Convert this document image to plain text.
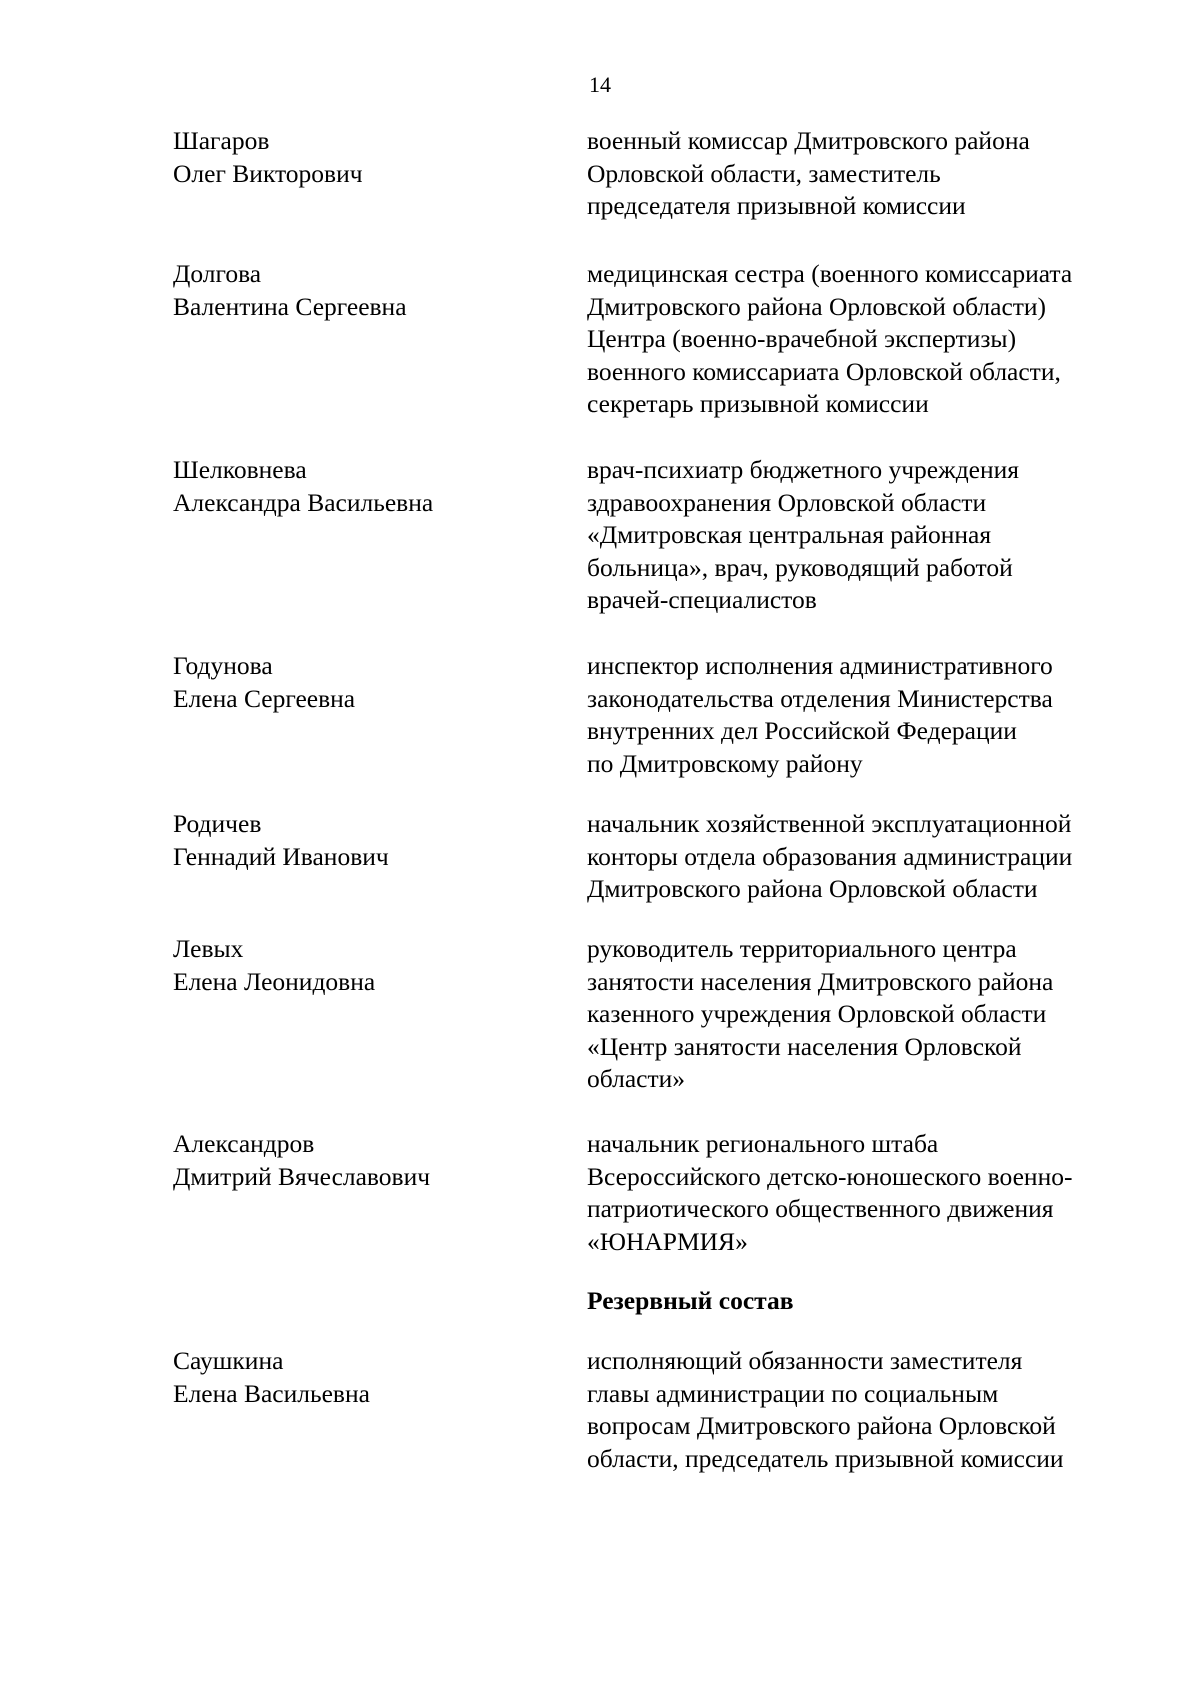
14
Шагаров
Олег Викторович
военный комиссар Дмитровского района
Орловской области, заместитель
председателя призывной комиссии
Долгова
Валентина Сергеевна
медицинская сестра (военного комиссариата
Дмитровского района Орловской области)
Центра (военно-врачебной экспертизы)
военного комиссариата Орловской области,
секретарь призывной комиссии
Шелковнева
Александра Васильевна
врач-психиатр бюджетного учреждения
здравоохранения Орловской области
«Дмитровская центральная районная
больница», врач, руководящий работой
врачей-специалистов
Годунова
Елена Сергеевна
инспектор исполнения административного
законодательства отделения Министерства
внутренних дел Российской Федерации
по Дмитровскому району
Родичев
Геннадий Иванович
начальник хозяйственной эксплуатационной
конторы отдела образования администрации
Дмитровского района Орловской области
Левых
Елена Леонидовна
руководитель территориального центра
занятости населения Дмитровского района
казенного учреждения Орловской области
«Центр занятости населения Орловской
области»
Александров
Дмитрий Вячеславович
начальник регионального штаба
Всероссийского детско-юношеского военно-
патриотического общественного движения
«ЮНАРМИЯ»
Резервный состав
Саушкина
Елена Васильевна
исполняющий обязанности заместителя
главы администрации по социальным
вопросам Дмитровского района Орловской
области, председатель призывной комиссии
